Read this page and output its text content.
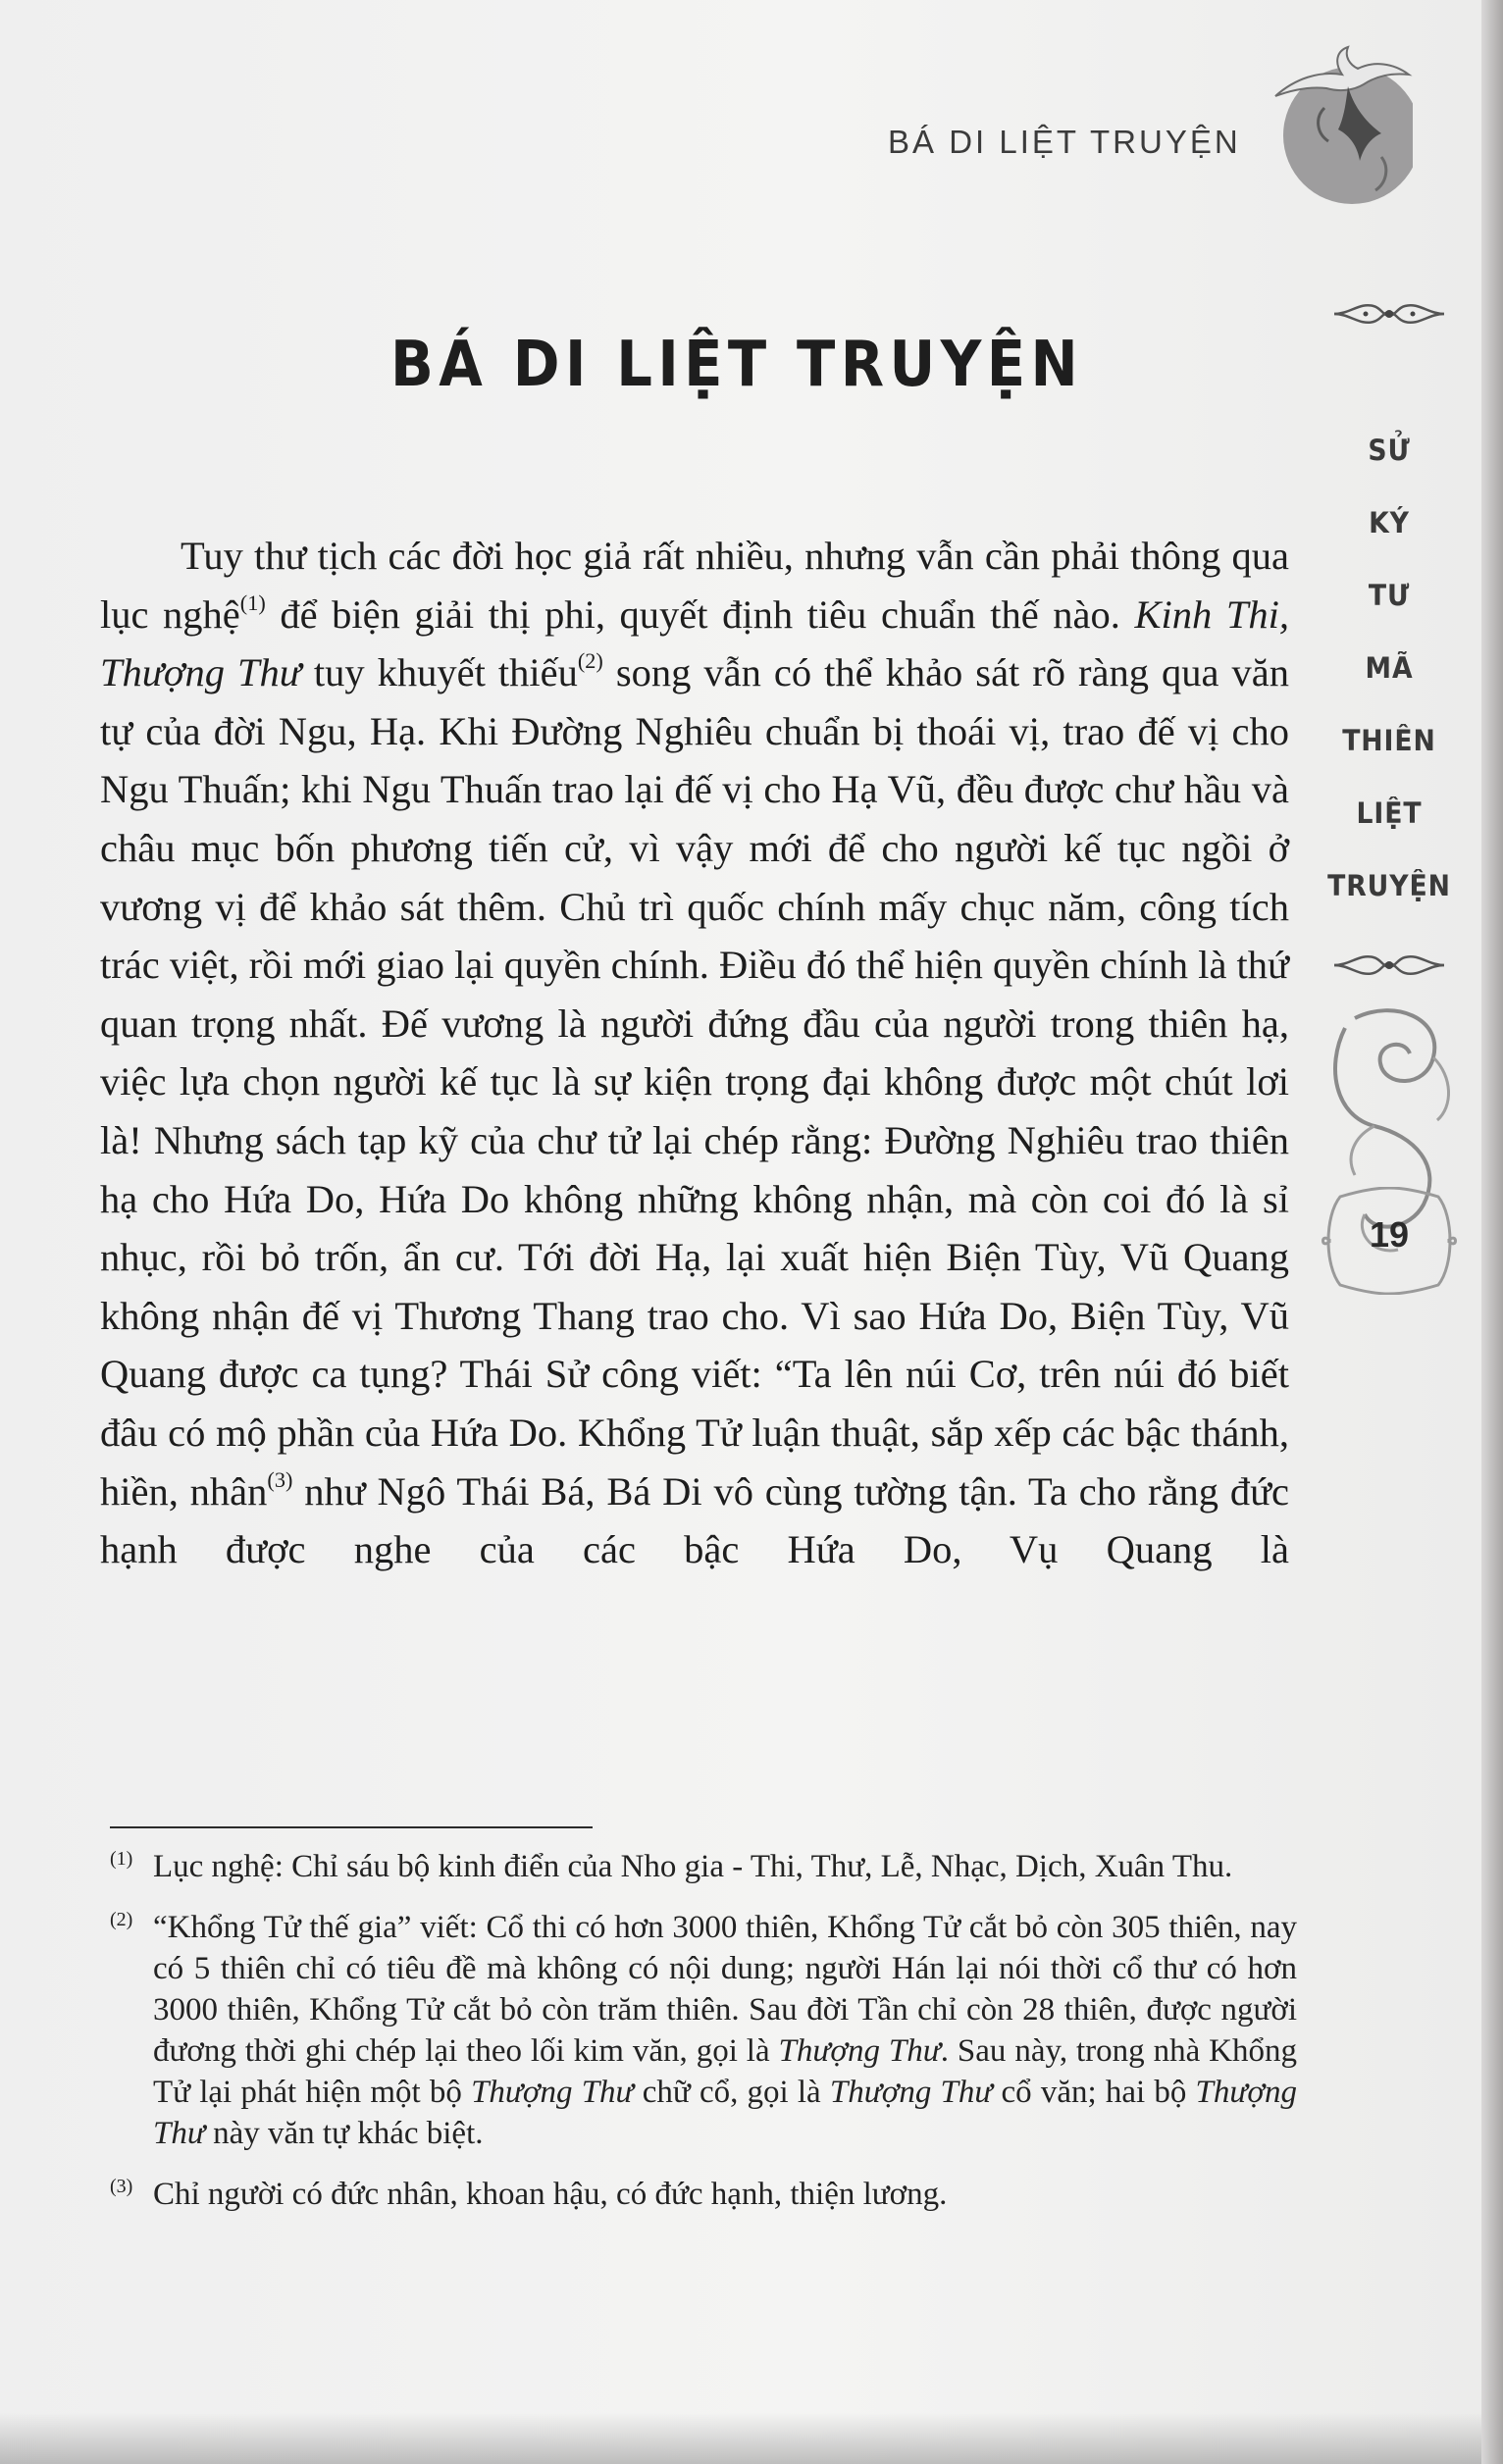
BÁ DI LIỆT TRUYỆN
BÁ DI LIỆT TRUYỆN

Tuy thư tịch các đời học giả rất nhiều, nhưng vẫn cần phải thông qua lục nghệ$^{(1)}$ để biện giải thị phi, quyết định tiêu chuẩn thế nào. Kinh Thi, Thượng Thư tuy khuyết thiếu$^{(2)}$ song vẫn có thể khảo sát rõ ràng qua văn tự của đời Ngu, Hạ. Khi Đường Nghiêu chuẩn bị thoái vị, trao đế vị cho Ngu Thuấn; khi Ngu Thuấn trao lại đế vị cho Hạ Vũ, đều được chư hầu và châu mục bốn phương tiến cử, vì vậy mới để cho người kế tục ngồi ở vương vị để khảo sát thêm. Chủ trì quốc chính mấy chục năm, công tích trác việt, rồi mới giao lại quyền chính. Điều đó thể hiện quyền chính là thứ quan trọng nhất. Đế vương là người đứng đầu của người trong thiên hạ, việc lựa chọn người kế tục là sự kiện trọng đại không được một chút lơi là! Nhưng sách tạp kỹ của chư tử lại chép rằng: Đường Nghiêu trao thiên hạ cho Hứa Do, Hứa Do không những không nhận, mà còn coi đó là sỉ nhục, rồi bỏ trốn, ẩn cư. Tới đời Hạ, lại xuất hiện Biện Tùy, Vũ Quang không nhận đế vị Thương Thang trao cho. Vì sao Hứa Do, Biện Tùy, Vũ Quang được ca tụng? Thái Sử công viết: “Ta lên núi Cơ, trên núi đó biết đâu có mộ phần của Hứa Do. Khổng Tử luận thuật, sắp xếp các bậc thánh, hiền, nhân$^{(3)}$ như Ngô Thái Bá, Bá Di vô cùng tường tận. Ta cho rằng đức hạnh được nghe của các bậc Hứa Do, Vụ Quang là

(1) Lục nghệ: Chỉ sáu bộ kinh điển của Nho gia - Thi, Thư, Lễ, Nhạc, Dịch, Xuân Thu.
(2) “Khổng Tử thế gia” viết: Cổ thi có hơn 3000 thiên, Khổng Tử cắt bỏ còn 305 thiên, nay có 5 thiên chỉ có tiêu đề mà không có nội dung; người Hán lại nói thời cổ thư có hơn 3000 thiên, Khổng Tử cắt bỏ còn trăm thiên. Sau đời Tần chỉ còn 28 thiên, được người đương thời ghi chép lại theo lối kim văn, gọi là Thượng Thư. Sau này, trong nhà Khổng Tử lại phát hiện một bộ Thượng Thư chữ cổ, gọi là Thượng Thư cổ văn; hai bộ Thượng Thư này văn tự khác biệt.
(3) Chỉ người có đức nhân, khoan hậu, có đức hạnh, thiện lương.
SỬ
KÝ
TƯ
MÃ
THIÊN
LIỆT
TRUYỆN
19
